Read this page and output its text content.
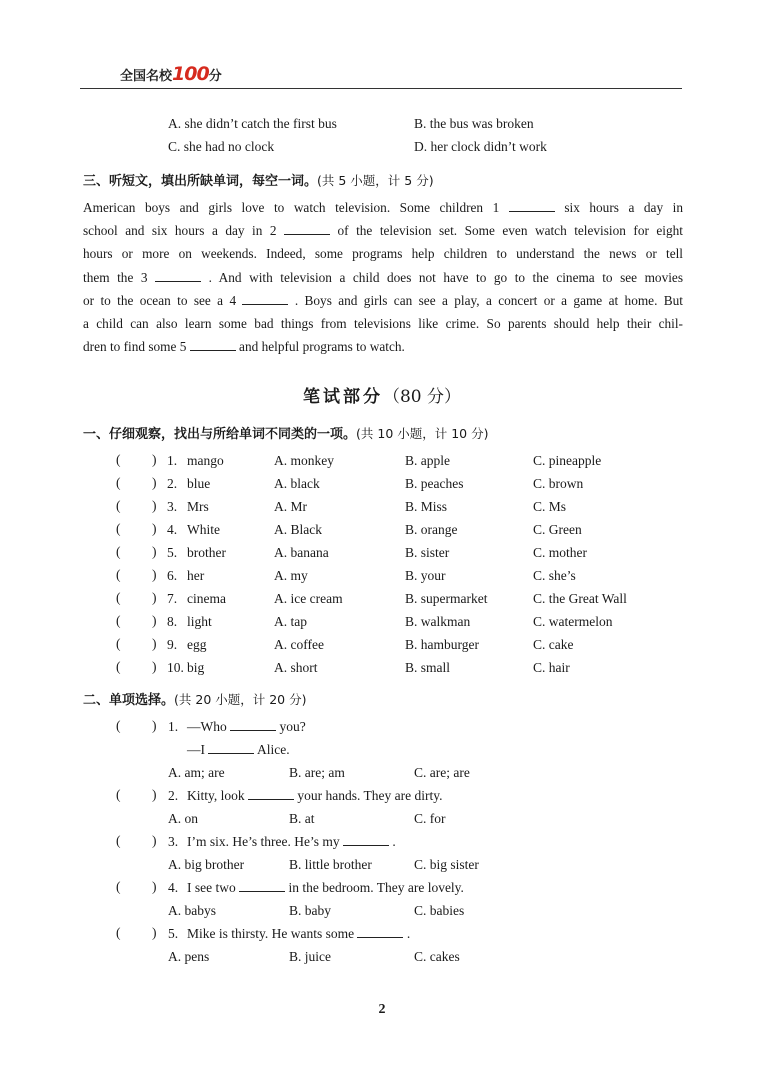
全国名校100分
A. she didn’t catch the first bus	B. the bus was broken
C. she had no clock	D. her clock didn’t work
三、听短文，填出所缺单词，每空一词。(共 5 小题，计 5 分)
American boys and girls love to watch television. Some children 1	six hours a day in
school and six hours a day in 2	of the television set. Some even watch television for eight
hours or more on weekends. Indeed, some programs help children to understand the news or tell
them the 3	. And with television a child does not have to go to the cinema to see movies
or to the ocean to see a 4	. Boys and girls can see a play, a concert or a game at home. But
a child can also learn some bad things from televisions like crime. So parents should help their chil-
dren to find some 5	and helpful programs to watch.
笔试部分（80 分）
一、仔细观察，找出与所给单词不同类的一项。(共 10 小题，计 10 分)
( ) 1. mango	A. monkey	B. apple	C. pineapple
( ) 2. blue	A. black	B. peaches	C. brown
( ) 3. Mrs	A. Mr	B. Miss	C. Ms
( ) 4. White	A. Black	B. orange	C. Green
( ) 5. brother	A. banana	B. sister	C. mother
( ) 6. her	A. my	B. your	C. she’s
( ) 7. cinema	A. ice cream	B. supermarket	C. the Great Wall
( ) 8. light	A. tap	B. walkman	C. watermelon
( ) 9. egg	A. coffee	B. hamburger	C. cake
( ) 10. big	A. short	B. small	C. hair
二、单项选择。(共 20 小题，计 20 分)
( ) 1. —Who	you?
—I	Alice.
A. am; are	B. are; am	C. are; are
( ) 2. Kitty, look	your hands. They are dirty.
A. on	B. at	C. for
( ) 3. I’m six. He’s three. He’s my	.
A. big brother	B. little brother	C. big sister
( ) 4. I see two	in the bedroom. They are lovely.
A. babys	B. baby	C. babies
( ) 5. Mike is thirsty. He wants some	.
A. pens	B. juice	C. cakes
2
